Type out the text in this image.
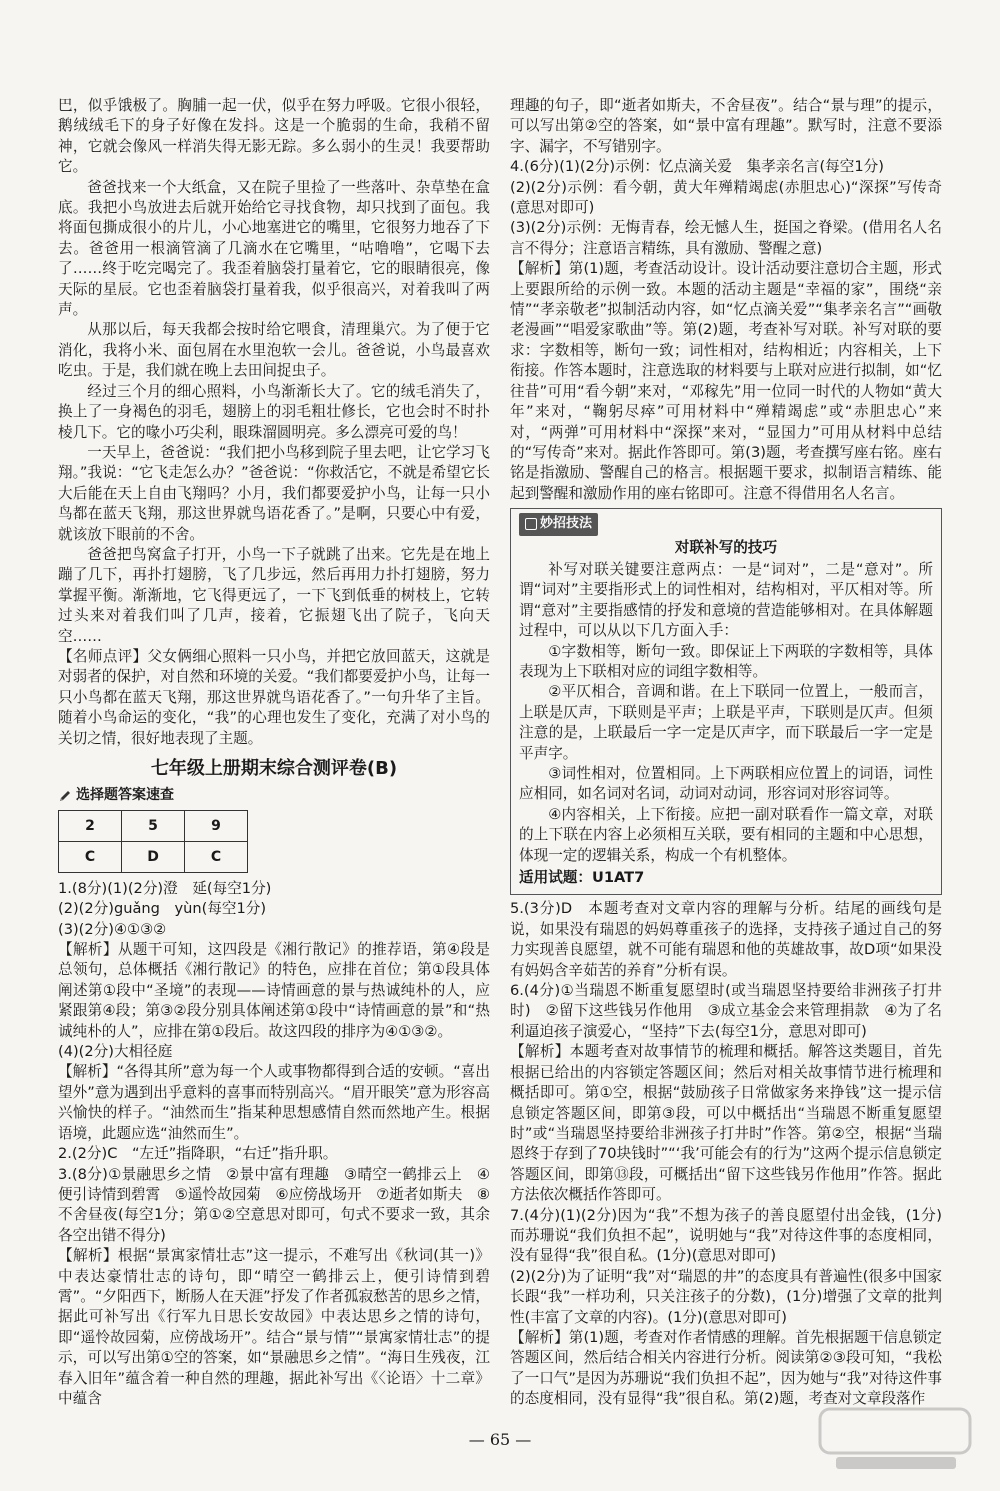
巴，似乎饿极了。胸脯一起一伏，似乎在努力呼吸。它很小很轻，鹅绒绒毛下的身子好像在发抖。这是一个脆弱的生命，我稍不留神，它就会像风一样消失得无影无踪。多么弱小的生灵！我要帮助它。

爸爸找来一个大纸盒，又在院子里捡了一些落叶、杂草垫在盒底。我把小鸟放进去后就开始给它寻找食物，却只找到了面包。我将面包撕成很小的片儿，小心地塞进它的嘴里，它很努力地吞了下去。爸爸用一根滴管滴了几滴水在它嘴里，“咕噜噜”，它喝下去了……终于吃完喝完了。我歪着脑袋打量着它，它的眼睛很亮，像天际的星辰。它也歪着脑袋打量着我，似乎很高兴，对着我叫了两声。

从那以后，每天我都会按时给它喂食，清理巢穴。为了便于它消化，我将小米、面包屑在水里泡软一会儿。爸爸说，小鸟最喜欢吃虫。于是，我们就在晚上去田间捉虫子。

经过三个月的细心照料，小鸟渐渐长大了。它的绒毛消失了，换上了一身褐色的羽毛，翅膀上的羽毛粗壮修长，它也会时不时扑棱几下。它的喙小巧尖利，眼珠溜圆明亮。多么漂亮可爱的鸟！

一天早上，爸爸说：“我们把小鸟移到院子里去吧，让它学习飞翔。”我说：“它飞走怎么办？”爸爸说：“你救活它，不就是希望它长大后能在天上自由飞翔吗？小月，我们都要爱护小鸟，让每一只小鸟都在蓝天飞翔，那这世界就鸟语花香了。”是啊，只要心中有爱，就该放下眼前的不舍。

爸爸把鸟窝盒子打开，小鸟一下子就跳了出来。它先是在地上蹦了几下，再扑打翅膀，飞了几步远，然后再用力扑打翅膀，努力掌握平衡。渐渐地，它飞得更远了，一下飞到低垂的树枝上，它转过头来对着我们叫了几声，接着，它振翅飞出了院子，飞向天空……

【名师点评】父女俩细心照料一只小鸟，并把它放回蓝天，这就是对弱者的保护，对自然和环境的关爱。“我们都要爱护小鸟，让每一只小鸟都在蓝天飞翔，那这世界就鸟语花香了。”一句升华了主旨。随着小鸟命运的变化，“我”的心理也发生了变化，充满了对小鸟的关切之情，很好地表现了主题。

七年级上册期末综合测评卷(B)
选择题答案速查
2	5	9
C	D	C

1.(8分)(1)(2分)澄　延(每空1分)

(2)(2分)guǎng　yùn(每空1分)

(3)(2分)④①③②

【解析】从题干可知，这四段是《湘行散记》的推荐语，第④段是总领句，总体概括《湘行散记》的特色，应排在首位；第①段具体阐述第①段中“圣境”的表现——诗情画意的景与热诚纯朴的人，应紧跟第④段；第③②段分别具体阐述第①段中“诗情画意的景”和“热诚纯朴的人”，应排在第①段后。故这四段的排序为④①③②。

(4)(2分)大相径庭

【解析】“各得其所”意为每一个人或事物都得到合适的安顿。“喜出望外”意为遇到出乎意料的喜事而特别高兴。“眉开眼笑”意为形容高兴愉快的样子。“油然而生”指某种思想感情自然而然地产生。根据语境，此题应选“油然而生”。

2.(2分)C　“左迁”指降职，“右迁”指升职。

3.(8分)①景融思乡之情　②景中富有理趣　③晴空一鹤排云上　④便引诗情到碧霄　⑤遥怜故园菊　⑥应傍战场开　⑦逝者如斯夫　⑧不舍昼夜(每空1分；第①②空意思对即可，句式不要求一致，其余各空出错不得分)

【解析】根据“景寓家情壮志”这一提示，不难写出《秋词(其一)》中表达豪情壮志的诗句，即“晴空一鹤排云上，便引诗情到碧霄”。“夕阳西下，断肠人在天涯”抒发了作者孤寂愁苦的思乡之情，据此可补写出《行军九日思长安故园》中表达思乡之情的诗句，即“遥怜故园菊，应傍战场开”。结合“景与情”“景寓家情壮志”的提示，可以写出第①空的答案，如“景融思乡之情”。“海日生残夜，江春入旧年”蕴含着一种自然的理趣，据此补写出《〈论语〉十二章》中蕴含

理趣的句子，即“逝者如斯夫，不舍昼夜”。结合“景与理”的提示，可以写出第②空的答案，如“景中富有理趣”。默写时，注意不要添字、漏字，不写错别字。

4.(6分)(1)(2分)示例：忆点滴关爱　集孝亲名言(每空1分)

(2)(2分)示例：看今朝，黄大年殚精竭虑(赤胆忠心)“深探”写传奇(意思对即可)

(3)(2分)示例：无悔青春，绘无憾人生，挺国之脊梁。(借用名人名言不得分；注意语言精练，具有激励、警醒之意)

【解析】第(1)题，考查活动设计。设计活动要注意切合主题，形式上要跟所给的示例一致。本题的活动主题是“幸福的家”，围绕“亲情”“孝亲敬老”拟制活动内容，如“忆点滴关爱”“集孝亲名言”“画敬老漫画”“唱爱家歌曲”等。第(2)题，考查补写对联。补写对联的要求：字数相等，断句一致；词性相对，结构相近；内容相关，上下衔接。作答本题时，注意选取的材料要与上联对应进行拟制，如“忆往昔”可用“看今朝”来对，“邓稼先”用一位同一时代的人物如“黄大年”来对，“鞠躬尽瘁”可用材料中“殚精竭虑”或“赤胆忠心”来对，“两弹”可用材料中“深探”来对，“显国力”可用从材料中总结的“写传奇”来对。据此作答即可。第(3)题，考查撰写座右铭。座右铭是指激励、警醒自己的格言。根据题干要求，拟制语言精练、能起到警醒和激励作用的座右铭即可。注意不得借用名人名言。

妙招技法
对联补写的技巧

补写对联关键要注意两点：一是“词对”，二是“意对”。所谓“词对”主要指形式上的词性相对，结构相对，平仄相对等。所谓“意对”主要指感情的抒发和意境的营造能够相对。在具体解题过程中，可以从以下几方面入手：

①字数相等，断句一致。即保证上下两联的字数相等，具体表现为上下联相对应的词组字数相等。

②平仄相合，音调和谐。在上下联同一位置上，一般而言，上联是仄声，下联则是平声；上联是平声，下联则是仄声。但须注意的是，上联最后一字一定是仄声字，而下联最后一字一定是平声字。

③词性相对，位置相同。上下两联相应位置上的词语，词性应相同，如名词对名词，动词对动词，形容词对形容词等。

④内容相关，上下衔接。应把一副对联看作一篇文章，对联的上下联在内容上必须相互关联，要有相同的主题和中心思想，体现一定的逻辑关系，构成一个有机整体。

适用试题：U1AT7

5.(3分)D　本题考查对文章内容的理解与分析。结尾的画线句是说，如果没有瑞恩的妈妈尊重孩子的选择，支持孩子通过自己的努力实现善良愿望，就不可能有瑞恩和他的英雄故事，故D项“如果没有妈妈含辛茹苦的养育”分析有误。

6.(4分)①当瑞恩不断重复愿望时(或当瑞恩坚持要给非洲孩子打井时)　②留下这些钱另作他用　③成立基金会来管理捐款　④为了名利逼迫孩子演爱心，“坚持”下去(每空1分，意思对即可)

【解析】本题考查对故事情节的梳理和概括。解答这类题目，首先根据已给出的内容锁定答题区间；然后对相关故事情节进行梳理和概括即可。第①空，根据“鼓励孩子日常做家务来挣钱”这一提示信息锁定答题区间，即第③段，可以中概括出“当瑞恩不断重复愿望时”或“当瑞恩坚持要给非洲孩子打井时”作答。第②空，根据“当瑞恩终于存到了70块钱时”“‘我’可能会有的行为”这两个提示信息锁定答题区间，即第⑬段，可概括出“留下这些钱另作他用”作答。据此方法依次概括作答即可。

7.(4分)(1)(2分)因为“我”不想为孩子的善良愿望付出金钱，(1分)而苏珊说“我们负担不起”，说明她与“我”对待这件事的态度相同，没有显得“我”很自私。(1分)(意思对即可)

(2)(2分)为了证明“我”对“瑞恩的井”的态度具有普遍性(很多中国家长跟“我”一样功利，只关注孩子的分数)，(1分)增强了文章的批判性(丰富了文章的内容)。(1分)(意思对即可)

【解析】第(1)题，考查对作者情感的理解。首先根据题干信息锁定答题区间，然后结合相关内容进行分析。阅读第②③段可知，“我松了一口气”是因为苏珊说“我们负担不起”，因为她与“我”对待这件事的态度相同，没有显得“我”很自私。第(2)题，考查对文章段落作

— 65 —
